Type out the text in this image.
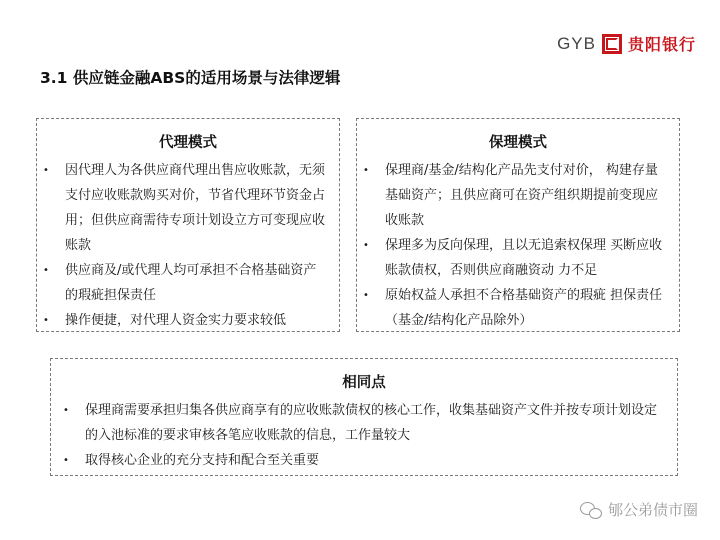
GYB 贵阳银行
3.1 供应链金融ABS的适用场景与法律逻辑
代理模式
• 因代理人为各供应商代理出售应收账款，无须支付应收账款购买对价，节省代理环节资金占用；但供应商需待专项计划设立方可变现应收账款
• 供应商及/或代理人均可承担不合格基础资产的瑕疵担保责任
• 操作便捷，对代理人资金实力要求较低
保理模式
• 保理商/基金/结构化产品先支付对价， 构建存量基础资产；且供应商可在资产组织期提前变现应收账款
• 保理多为反向保理，且以无追索权保理 买断应收账款债权，否则供应商融资动 力不足
• 原始权益人承担不合格基础资产的瑕疵 担保责任（基金/结构化产品除外）
相同点
• 保理商需要承担归集各供应商享有的应收账款债权的核心工作，收集基础资产文件并按专项计划设定的入池标准的要求审核各笔应收账款的信息，工作量较大
• 取得核心企业的充分支持和配合至关重要
郇公弟债市圈
